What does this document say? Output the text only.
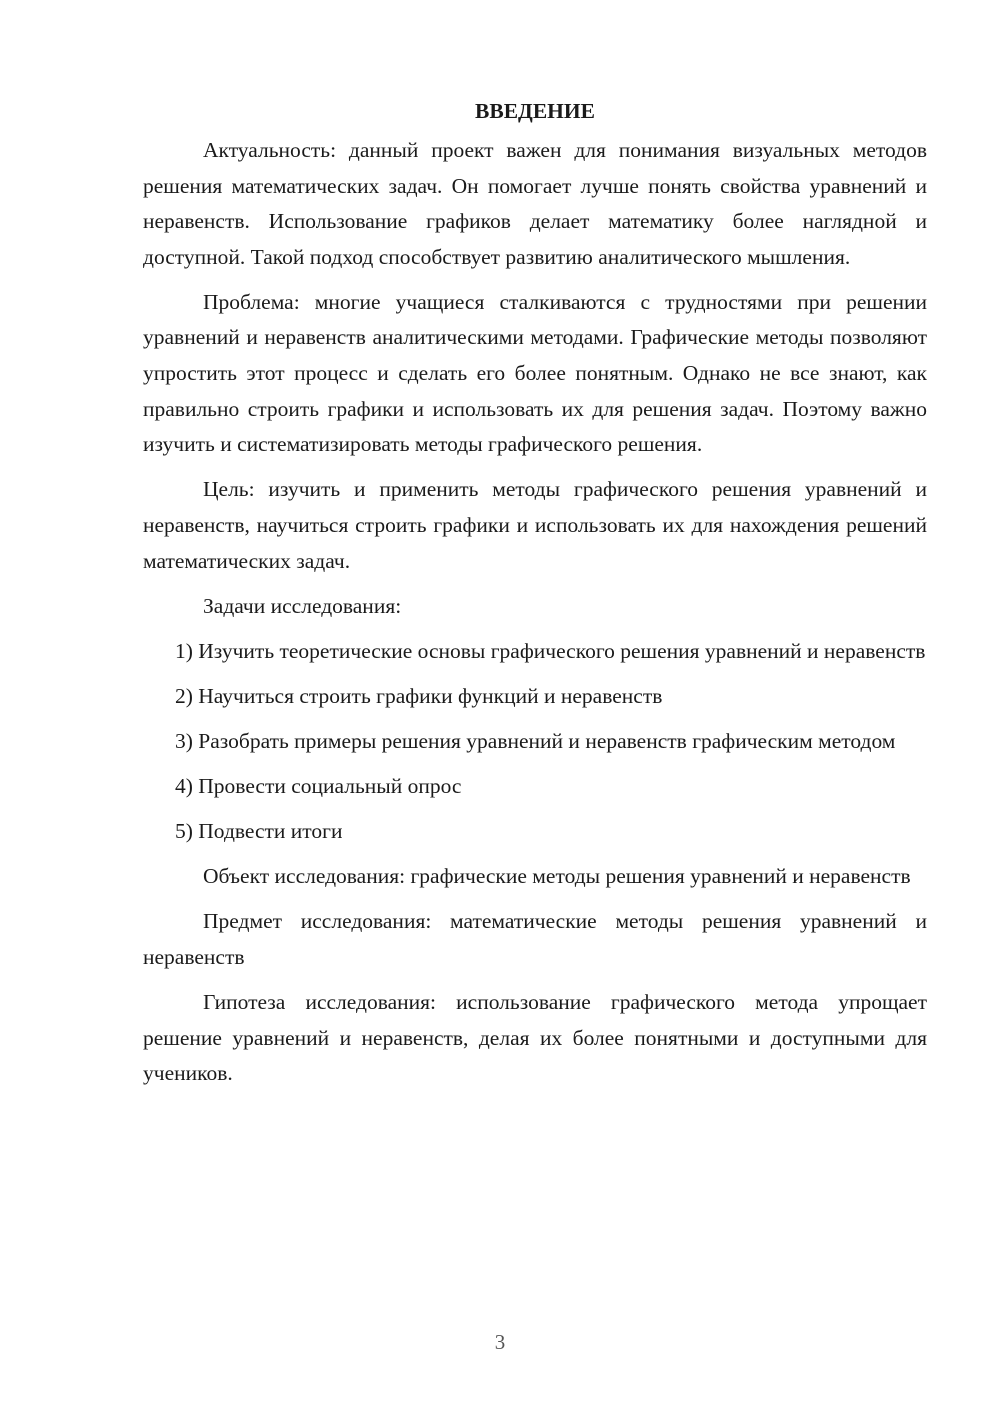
ВВЕДЕНИЕ

Актуальность: данный проект важен для понимания визуальных методов решения математических задач. Он помогает лучше понять свойства уравнений и неравенств. Использование графиков делает математику более наглядной и доступной. Такой подход способствует развитию аналитического мышления.

Проблема: многие учащиеся сталкиваются с трудностями при решении уравнений и неравенств аналитическими методами. Графические методы позволяют упростить этот процесс и сделать его более понятным. Однако не все знают, как правильно строить графики и использовать их для решения задач. Поэтому важно изучить и систематизировать методы графического решения.

Цель: изучить и применить методы графического решения уравнений и неравенств, научиться строить графики и использовать их для нахождения решений математических задач.

Задачи исследования:

1) Изучить теоретические основы графического решения уравнений и неравенств

2) Научиться строить графики функций и неравенств

3) Разобрать примеры решения уравнений и неравенств графическим методом

4) Провести социальный опрос

5) Подвести итоги

Объект исследования: графические методы решения уравнений и неравенств

Предмет исследования: математические методы решения уравнений и неравенств

Гипотеза исследования: использование графического метода упрощает решение уравнений и неравенств, делая их более понятными и доступными для учеников.

3
